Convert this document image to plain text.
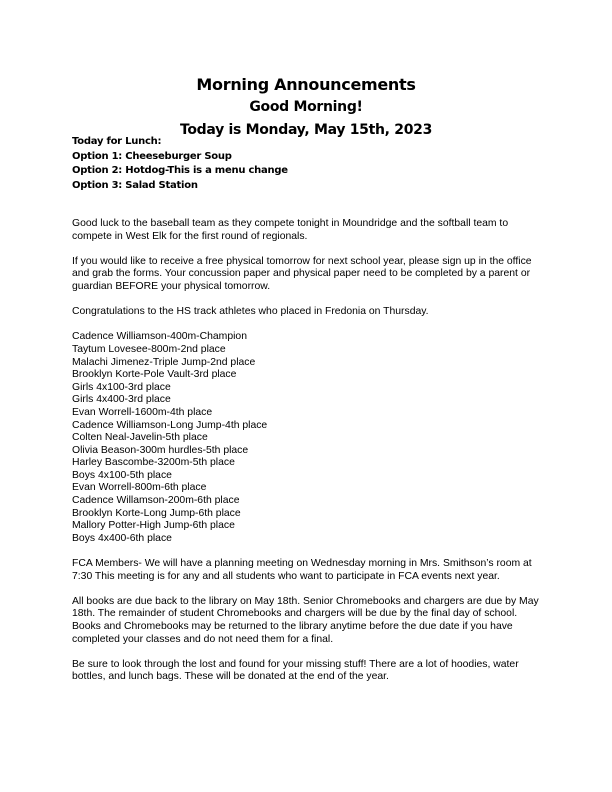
Morning Announcements
Good Morning!
Today is Monday, May 15th, 2023
Today for Lunch:
Option 1: Cheeseburger Soup
Option 2: Hotdog-This is a menu change
Option 3: Salad Station

Good luck to the baseball team as they compete tonight in Moundridge and the softball team to compete in West Elk for the first round of regionals.

If you would like to receive a free physical tomorrow for next school year, please sign up in the office and grab the forms. Your concussion paper and physical paper need to be completed by a parent or guardian BEFORE your physical tomorrow.

Congratulations to the HS track athletes who placed in Fredonia on Thursday.

Cadence Williamson-400m-Champion
Taytum Lovesee-800m-2nd place
Malachi Jimenez-Triple Jump-2nd place
Brooklyn Korte-Pole Vault-3rd place
Girls 4x100-3rd place
Girls 4x400-3rd place
Evan Worrell-1600m-4th place
Cadence Williamson-Long Jump-4th place
Colten Neal-Javelin-5th place
Olivia Beason-300m hurdles-5th place
Harley Bascombe-3200m-5th place
Boys 4x100-5th place
Evan Worrell-800m-6th place
Cadence Willamson-200m-6th place
Brooklyn Korte-Long Jump-6th place
Mallory Potter-High Jump-6th place
Boys 4x400-6th place

FCA Members- We will have a planning meeting on Wednesday morning in Mrs. Smithson’s room at 7:30 This meeting is for any and all students who want to participate in FCA events next year.

All books are due back to the library on May 18th. Senior Chromebooks and chargers are due by May 18th. The remainder of student Chromebooks and chargers will be due by the final day of school. Books and Chromebooks may be returned to the library anytime before the due date if you have completed your classes and do not need them for a final.

Be sure to look through the lost and found for your missing stuff! There are a lot of hoodies, water bottles, and lunch bags. These will be donated at the end of the year.
